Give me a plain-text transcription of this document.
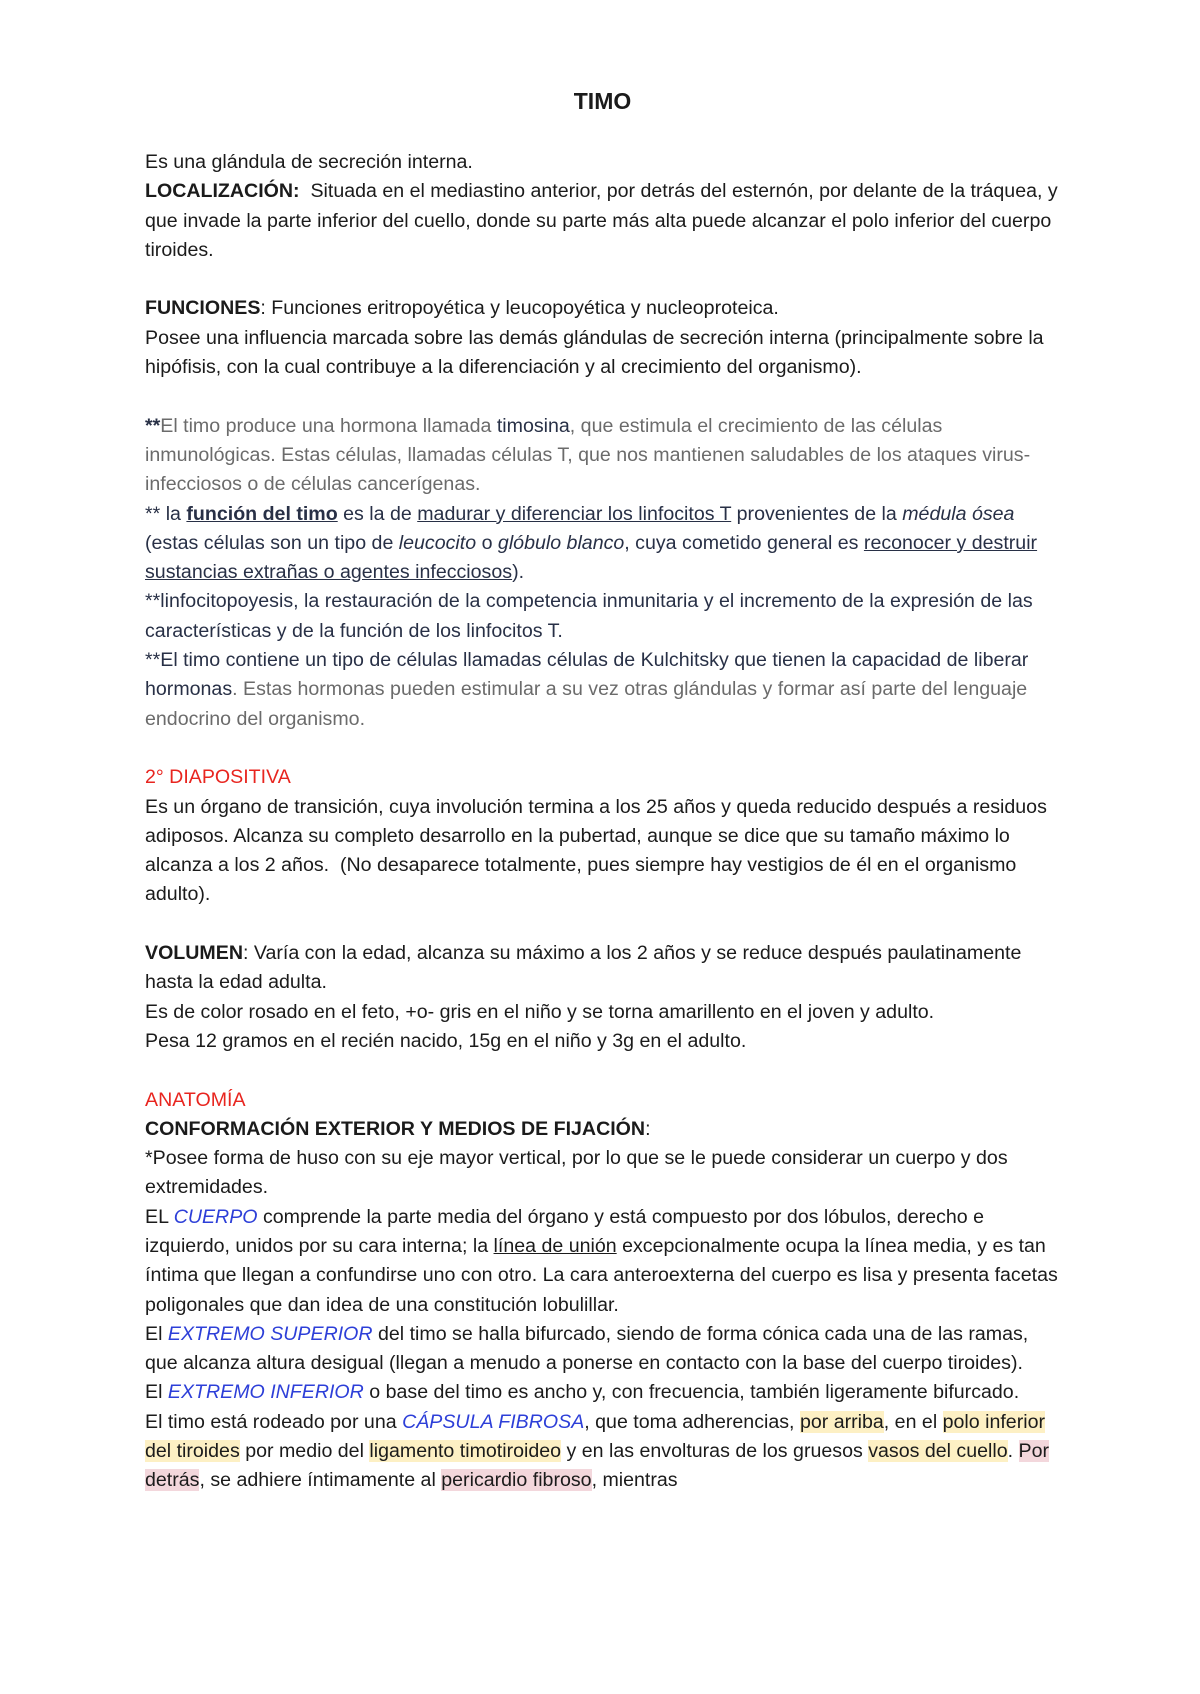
TIMO

Es una glándula de secreción interna.

LOCALIZACIÓN:  Situada en el mediastino anterior, por detrás del esternón, por delante de la tráquea, y que invade la parte inferior del cuello, donde su parte más alta puede alcanzar el polo inferior del cuerpo tiroides.

FUNCIONES: Funciones eritropoyética y leucopoyética y nucleoproteica.

Posee una influencia marcada sobre las demás glándulas de secreción interna (principalmente sobre la hipófisis, con la cual contribuye a la diferenciación y al crecimiento del organismo).

**El timo produce una hormona llamada timosina, que estimula el crecimiento de las células inmunológicas. Estas células, llamadas células T, que nos mantienen saludables de los ataques virus-infecciosos o de células cancerígenas.

** la función del timo es la de madurar y diferenciar los linfocitos T provenientes de la médula ósea (estas células son un tipo de leucocito o glóbulo blanco, cuya cometido general es reconocer y destruir sustancias extrañas o agentes infecciosos).

**linfocitopoyesis, la restauración de la competencia inmunitaria y el incremento de la expresión de las características y de la función de los linfocitos T.

**El timo contiene un tipo de células llamadas células de Kulchitsky que tienen la capacidad de liberar hormonas. Estas hormonas pueden estimular a su vez otras glándulas y formar así parte del lenguaje endocrino del organismo.

2° DIAPOSITIVA

Es un órgano de transición, cuya involución termina a los 25 años y queda reducido después a residuos adiposos. Alcanza su completo desarrollo en la pubertad, aunque se dice que su tamaño máximo lo alcanza a los 2 años.  (No desaparece totalmente, pues siempre hay vestigios de él en el organismo adulto).

VOLUMEN: Varía con la edad, alcanza su máximo a los 2 años y se reduce después paulatinamente hasta la edad adulta.

Es de color rosado en el feto, +o- gris en el niño y se torna amarillento en el joven y adulto.

Pesa 12 gramos en el recién nacido, 15g en el niño y 3g en el adulto.

ANATOMÍA

CONFORMACIÓN EXTERIOR Y MEDIOS DE FIJACIÓN:

*Posee forma de huso con su eje mayor vertical, por lo que se le puede considerar un cuerpo y dos extremidades.

EL CUERPO comprende la parte media del órgano y está compuesto por dos lóbulos, derecho e izquierdo, unidos por su cara interna; la línea de unión excepcionalmente ocupa la línea media, y es tan íntima que llegan a confundirse uno con otro. La cara anteroexterna del cuerpo es lisa y presenta facetas poligonales que dan idea de una constitución lobulillar.

El EXTREMO SUPERIOR del timo se halla bifurcado, siendo de forma cónica cada una de las ramas, que alcanza altura desigual (llegan a menudo a ponerse en contacto con la base del cuerpo tiroides).

El EXTREMO INFERIOR o base del timo es ancho y, con frecuencia, también ligeramente bifurcado.

El timo está rodeado por una CÁPSULA FIBROSA, que toma adherencias, por arriba, en el polo inferior del tiroides por medio del ligamento timotiroideo y en las envolturas de los gruesos vasos del cuello. Por detrás, se adhiere íntimamente al pericardio fibroso, mientras
